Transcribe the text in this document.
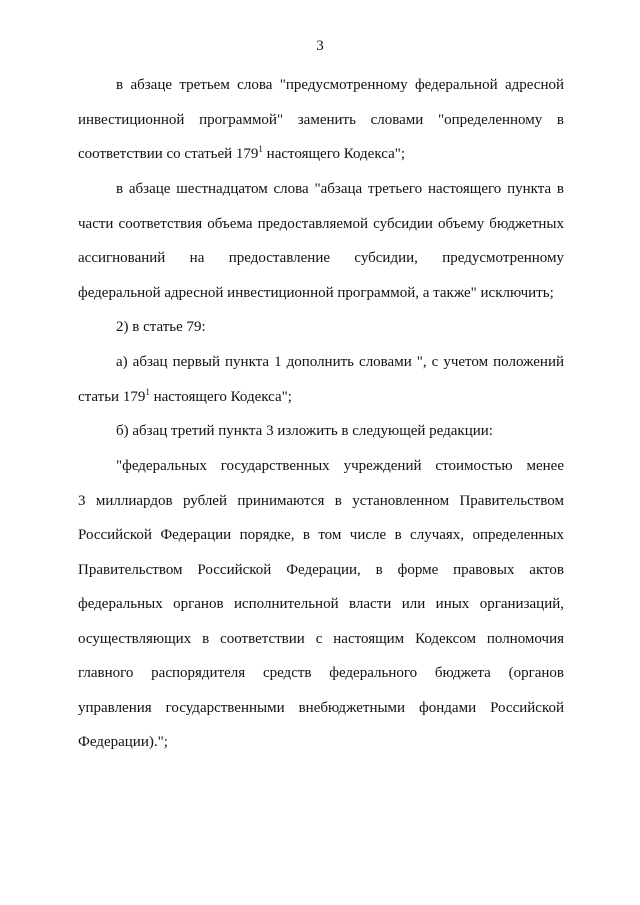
3
в абзаце третьем слова "предусмотренному федеральной адресной
инвестиционной программой" заменить словами "определенному в
соответствии со статьей $179^1$ настоящего Кодекса";
в абзаце шестнадцатом слова "абзаца третьего настоящего пункта в
части соответствия объема предоставляемой субсидии объему бюджетных
ассигнований на предоставление субсидии, предусмотренному
федеральной адресной инвестиционной программой, а также" исключить;
2) в статье 79:
а) абзац первый пункта 1 дополнить словами ", с учетом положений
статьи $179^1$ настоящего Кодекса";
б) абзац третий пункта 3 изложить в следующей редакции:
"федеральных государственных учреждений стоимостью менее
3 миллиардов рублей принимаются в установленном Правительством
Российской Федерации порядке, в том числе в случаях, определенных
Правительством Российской Федерации, в форме правовых актов
федеральных органов исполнительной власти или иных организаций,
осуществляющих в соответствии с настоящим Кодексом полномочия
главного распорядителя средств федерального бюджета (органов
управления государственными внебюджетными фондами Российской
Федерации).";
